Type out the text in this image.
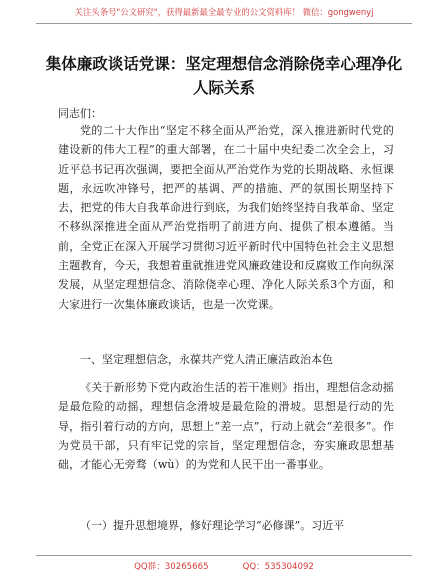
关注头条号"公文研究"，获得最新最全最专业的公文资料库！ 微信：gongwenyj
集体廉政谈话党课：坚定理想信念消除侥幸心理净化人际关系
同志们：
党的二十大作出“坚定不移全面从严治党，深入推进新时代党的建设新的伟大工程”的重大部署，在二十届中央纪委二次全会上，习近平总书记再次强调，要把全面从严治党作为党的长期战略、永恒课题，永远吹冲锋号，把严的基调、严的措施、严的氛围长期坚持下去，把党的伟大自我革命进行到底，为我们始终坚持自我革命、坚定不移纵深推进全面从严治党指明了前进方向、提供了根本遵循。当前，全党正在深入开展学习贯彻习近平新时代中国特色社会主义思想主题教育，今天，我想着重就推进党风廉政建设和反腐败工作向纵深发展，从坚定理想信念、消除侥幸心理、净化人际关系3个方面，和大家进行一次集体廉政谈话，也是一次党课。
一、坚定理想信念，永葆共产党人清正廉洁政治本色
《关于新形势下党内政治生活的若干准则》指出，理想信念动摇是最危险的动摇，理想信念滑坡是最危险的滑坡。思想是行动的先导，指引着行动的方向，思想上“差一点”，行动上就会“差很多”。作为党员干部，只有牢记党的宗旨，坚定理想信念，夯实廉政思想基础，才能心无旁骛（wù）的为党和人民干出一番事业。
（一）提升思想境界，修好理论学习“必修课”。习近平
QQ群：30265665	QQ：535304092
